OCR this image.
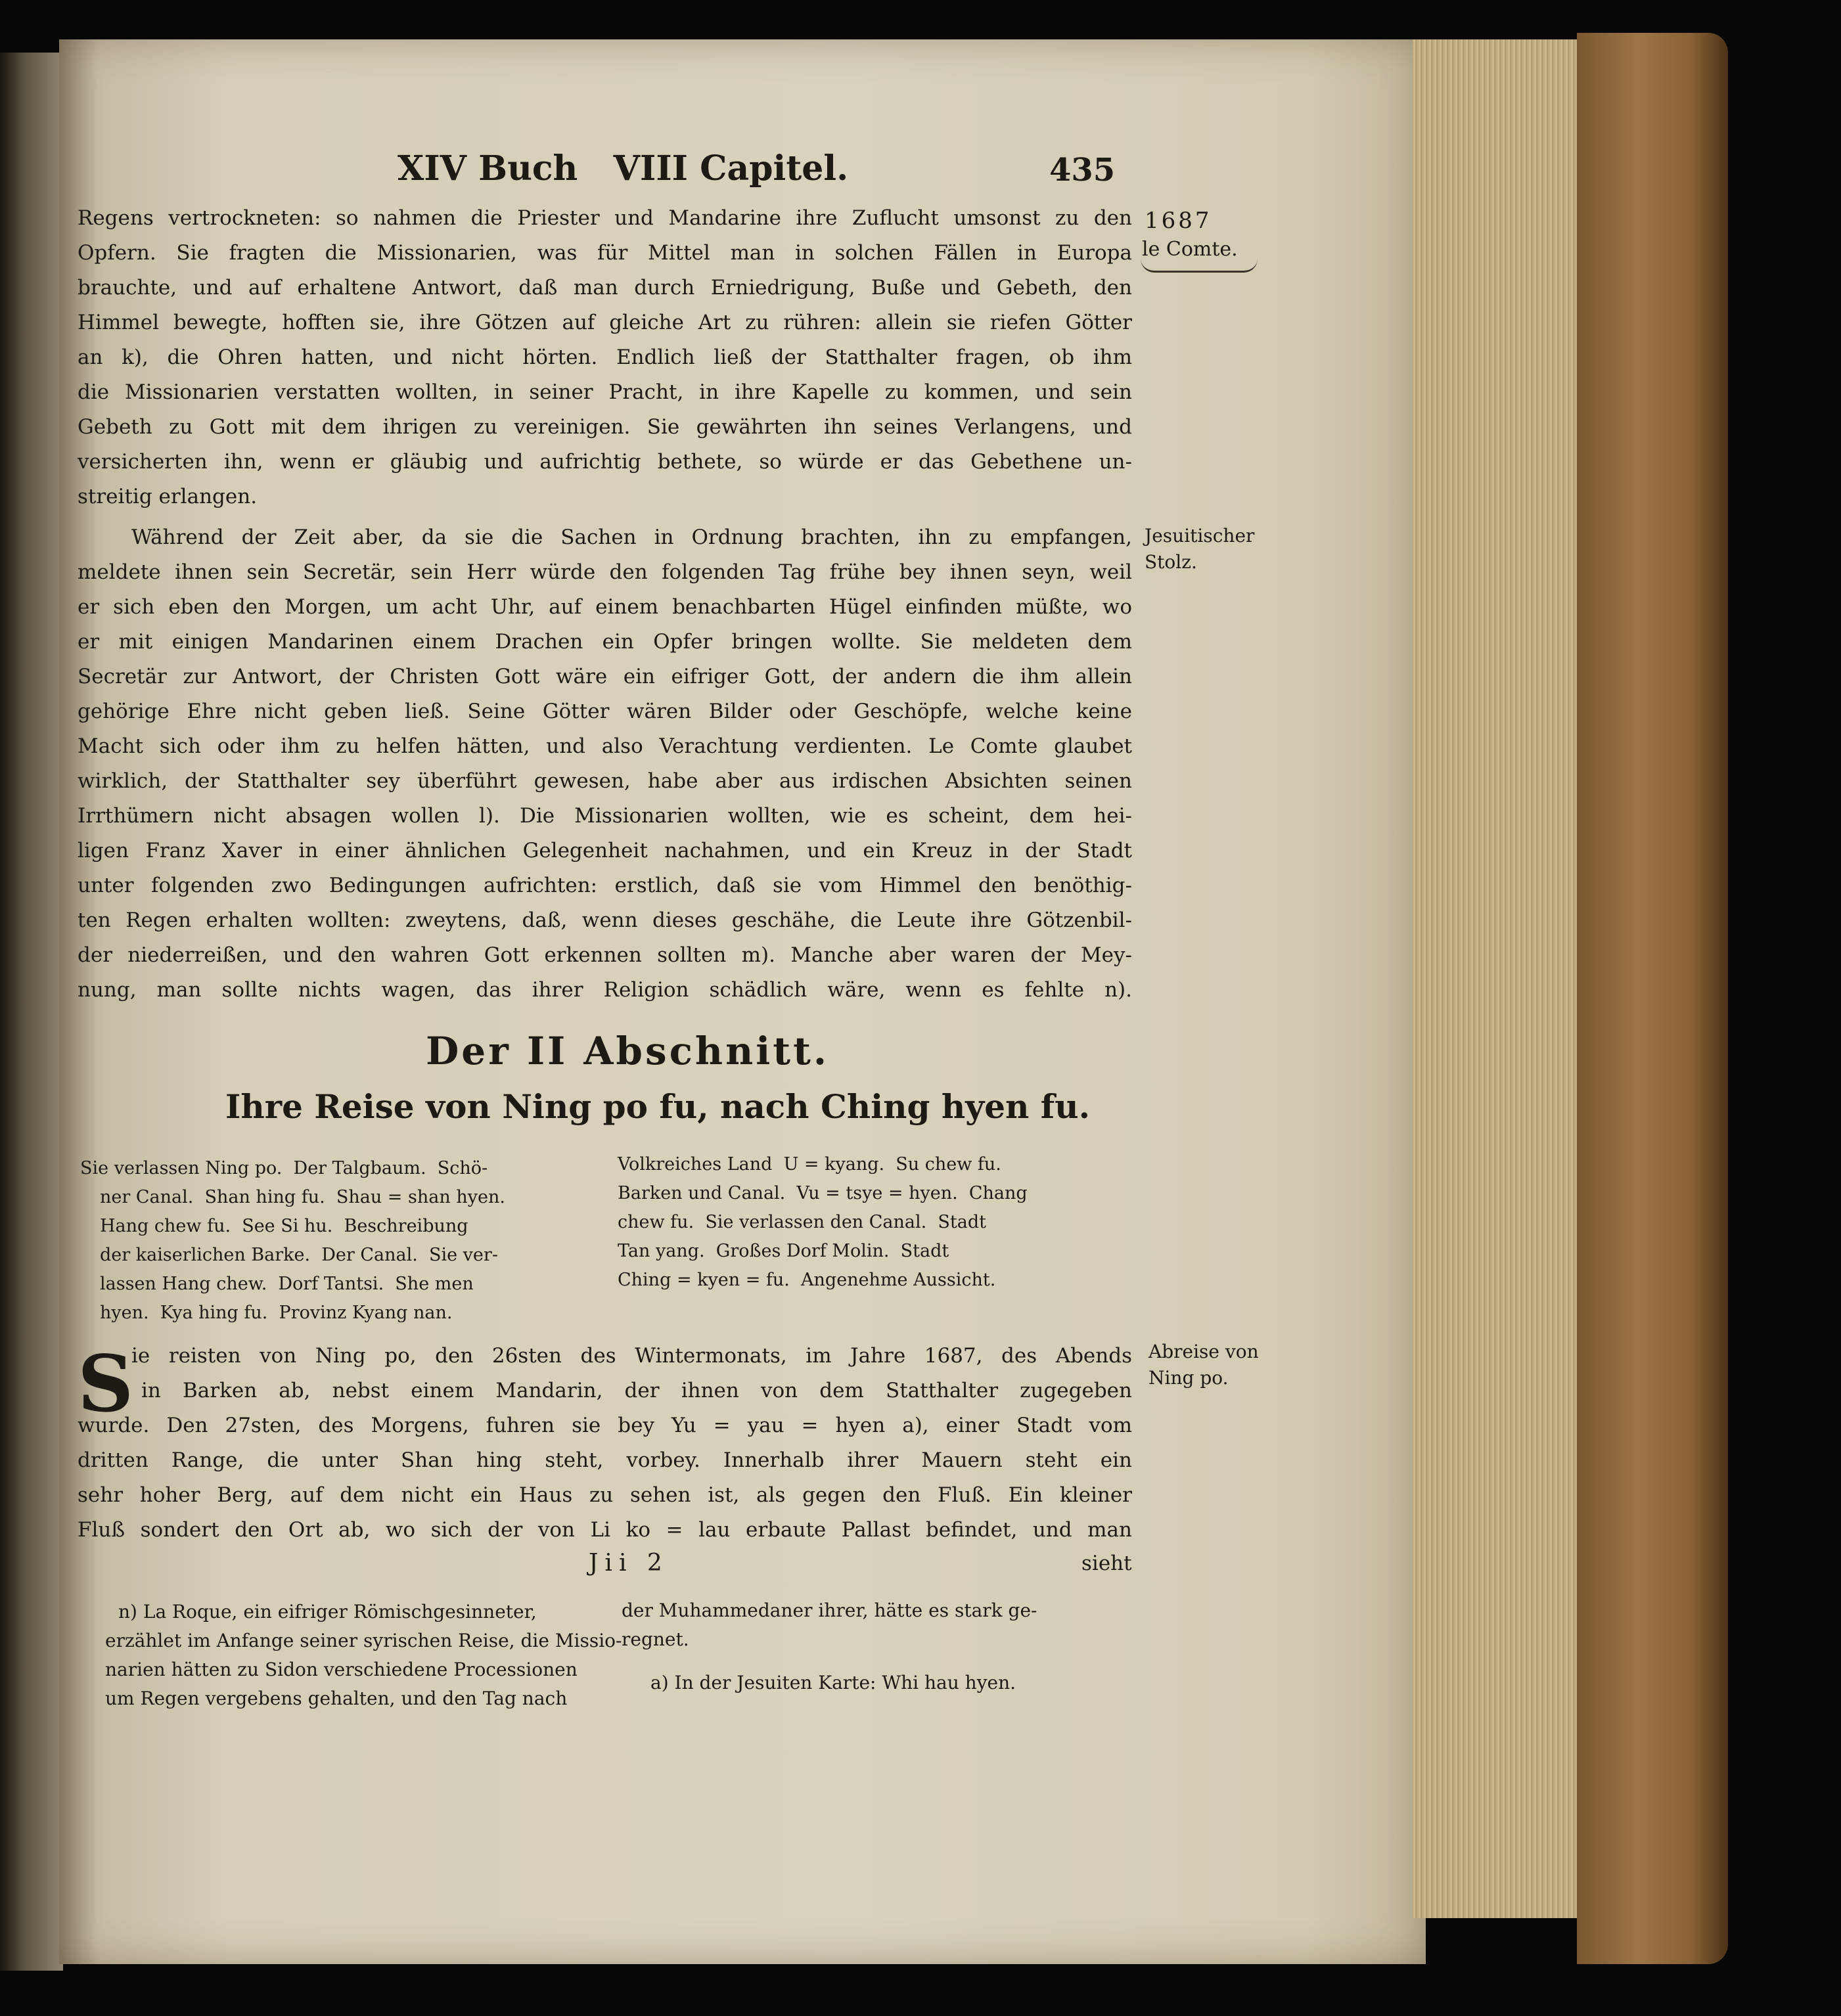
XIV Buch   VIII Capitel.	435

1687

le Comte.

Jesuitischer

Stolz.

Abreise von

Ning po.

Regens vertrockneten: so nahmen die Priester und Mandarine ihre Zuflucht umsonst zu den

Opfern. Sie fragten die Missionarien, was für Mittel man in solchen Fällen in Europa

brauchte, und auf erhaltene Antwort, daß man durch Erniedrigung, Buße und Gebeth, den

Himmel bewegte, hofften sie, ihre Götzen auf gleiche Art zu rühren: allein sie riefen Götter

an k), die Ohren hatten, und nicht hörten. Endlich ließ der Statthalter fragen, ob ihm

die Missionarien verstatten wollten, in seiner Pracht, in ihre Kapelle zu kommen, und sein

Gebeth zu Gott mit dem ihrigen zu vereinigen. Sie gewährten ihn seines Verlangens, und

versicherten ihn, wenn er gläubig und aufrichtig bethete, so würde er das Gebethene un-

streitig erlangen.

Während der Zeit aber, da sie die Sachen in Ordnung brachten, ihn zu empfangen,

meldete ihnen sein Secretär, sein Herr würde den folgenden Tag frühe bey ihnen seyn, weil

er sich eben den Morgen, um acht Uhr, auf einem benachbarten Hügel einfinden müßte, wo

er mit einigen Mandarinen einem Drachen ein Opfer bringen wollte. Sie meldeten dem

Secretär zur Antwort, der Christen Gott wäre ein eifriger Gott, der andern die ihm allein

gehörige Ehre nicht geben ließ. Seine Götter wären Bilder oder Geschöpfe, welche keine

Macht sich oder ihm zu helfen hätten, und also Verachtung verdienten. Le Comte glaubet

wirklich, der Statthalter sey überführt gewesen, habe aber aus irdischen Absichten seinen

Irrthümern nicht absagen wollen l). Die Missionarien wollten, wie es scheint, dem hei-

ligen Franz Xaver in einer ähnlichen Gelegenheit nachahmen, und ein Kreuz in der Stadt

unter folgenden zwo Bedingungen aufrichten: erstlich, daß sie vom Himmel den benöthig-

ten Regen erhalten wollten: zweytens, daß, wenn dieses geschähe, die Leute ihre Götzenbil-

der niederreißen, und den wahren Gott erkennen sollten m). Manche aber waren der Mey-

nung, man sollte nichts wagen, das ihrer Religion schädlich wäre, wenn es fehlte n).

Der II Abschnitt.

Ihre Reise von Ning po fu, nach Ching hyen fu.

Sie verlassen Ning po.  Der Talgbaum.  Schö-

ner Canal.  Shan hing fu.  Shau = shan hyen.

Hang chew fu.  See Si hu.  Beschreibung

der kaiserlichen Barke.  Der Canal.  Sie ver-

lassen Hang chew.  Dorf Tantsi.  She men

hyen.  Kya hing fu.  Provinz Kyang nan.

Volkreiches Land  U = kyang.  Su chew fu.

Barken und Canal.  Vu = tsye = hyen.  Chang

chew fu.  Sie verlassen den Canal.  Stadt

Tan yang.  Großes Dorf Molin.  Stadt

Ching = kyen = fu.  Angenehme Aussicht.

S

ie reisten von Ning po, den 26sten des Wintermonats, im Jahre 1687, des Abends

in Barken ab, nebst einem Mandarin, der ihnen von dem Statthalter zugegeben

wurde. Den 27sten, des Morgens, fuhren sie bey Yu = yau = hyen a), einer Stadt vom

dritten Range, die unter Shan hing steht, vorbey. Innerhalb ihrer Mauern steht ein

sehr hoher Berg, auf dem nicht ein Haus zu sehen ist, als gegen den Fluß. Ein kleiner

Fluß sondert den Ort ab, wo sich der von Li ko = lau erbaute Pallast befindet, und man

Jii 2	sieht

n) La Roque, ein eifriger Römischgesinneter,

erzählet im Anfange seiner syrischen Reise, die Missio-

narien hätten zu Sidon verschiedene Processionen

um Regen vergebens gehalten, und den Tag nach

der Muhammedaner ihrer, hätte es stark ge-

regnet.

a) In der Jesuiten Karte: Whi hau hyen.
